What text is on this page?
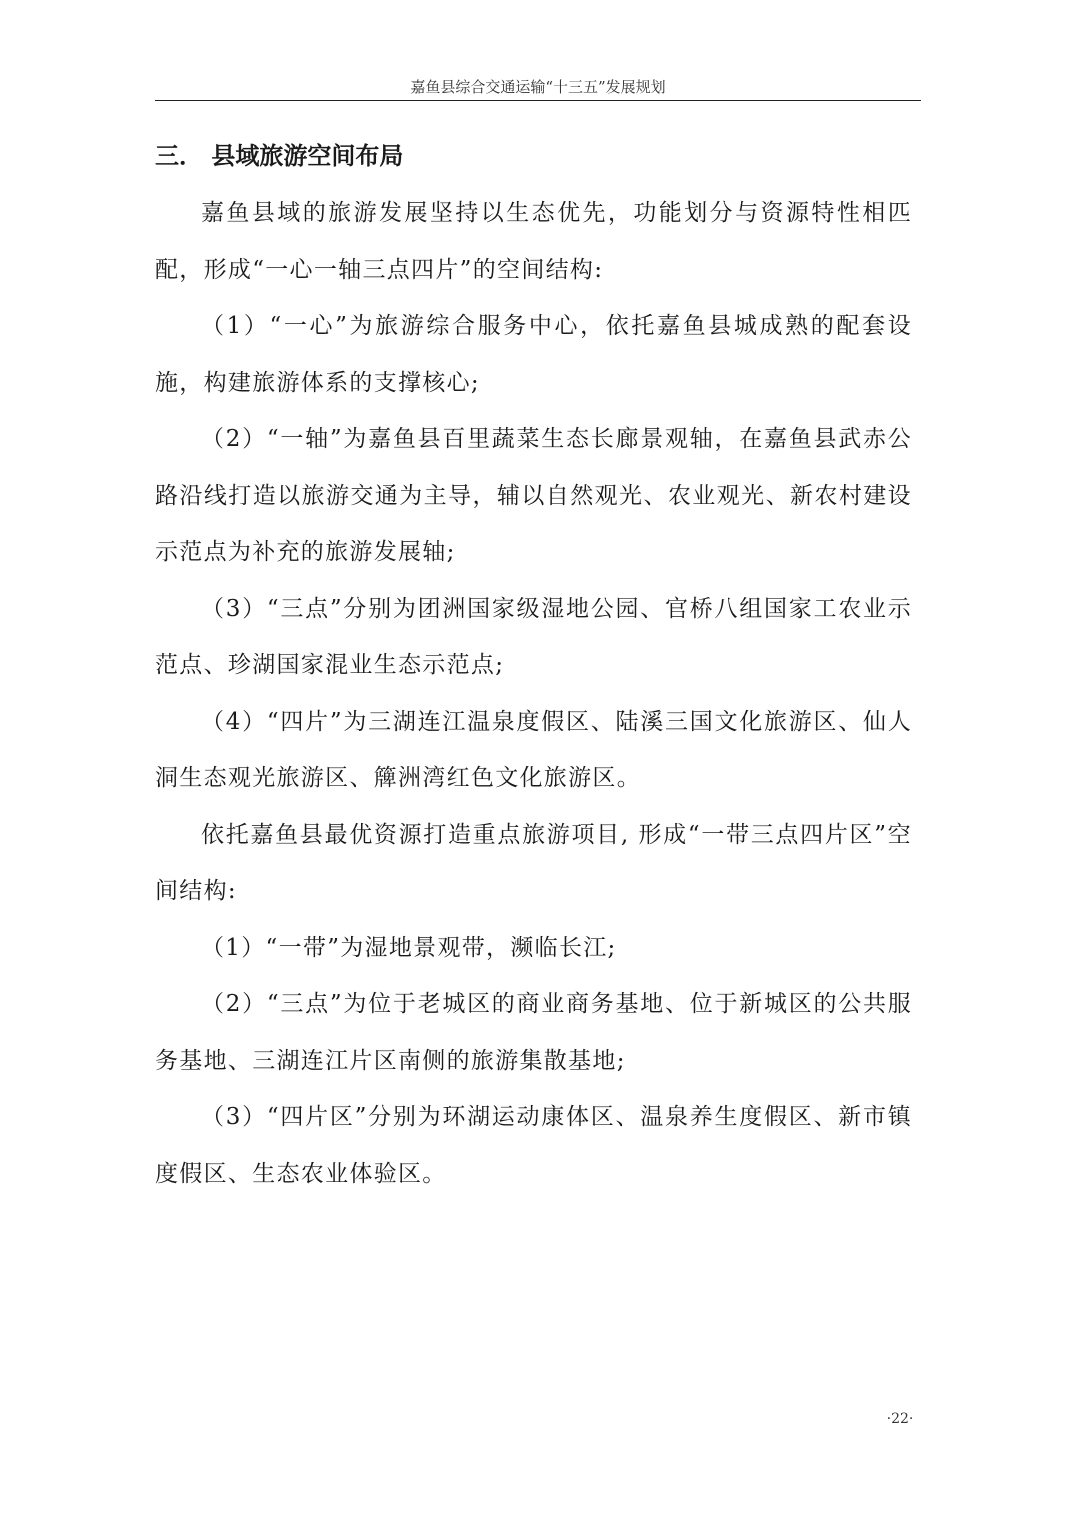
嘉鱼县综合交通运输“十三五”发展规划
三． 县域旅游空间布局

嘉鱼县域的旅游发展坚持以生态优先，功能划分与资源特性相匹配，形成“一心一轴三点四片”的空间结构:

（1）“一心”为旅游综合服务中心，依托嘉鱼县城成熟的配套设施，构建旅游体系的支撑核心;

（2）“一轴”为嘉鱼县百里蔬菜生态长廊景观轴，在嘉鱼县武赤公路沿线打造以旅游交通为主导，辅以自然观光、农业观光、新农村建设示范点为补充的旅游发展轴;

（3）“三点”分别为团洲国家级湿地公园、官桥八组国家工农业示范点、珍湖国家混业生态示范点;

（4）“四片”为三湖连江温泉度假区、陆溪三国文化旅游区、仙人洞生态观光旅游区、簰洲湾红色文化旅游区。

依托嘉鱼县最优资源打造重点旅游项目, 形成“一带三点四片区”空间结构:

（1）“一带”为湿地景观带，濒临长江;

（2）“三点”为位于老城区的商业商务基地、位于新城区的公共服务基地、三湖连江片区南侧的旅游集散基地;

（3）“四片区”分别为环湖运动康体区、温泉养生度假区、新市镇度假区、生态农业体验区。

·22·
